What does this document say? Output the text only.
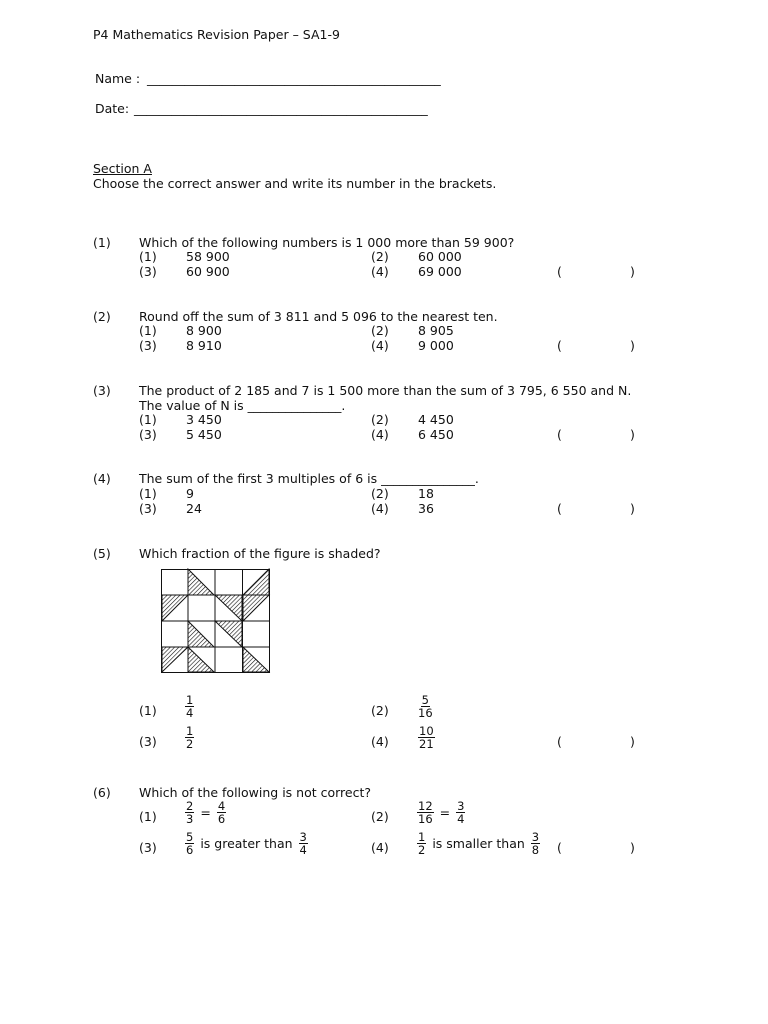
P4 Mathematics Revision Paper – SA1-9
Name : _______________________________________________
Date: _______________________________________________
Section A
Choose the correct answer and write its number in the brackets.
(1) Which of the following numbers is 1 000 more than 59 900?
(1) 58 900	(2) 60 000
(3) 60 900	(4) 69 000	(	)
(2) Round off the sum of 3 811 and 5 096 to the nearest ten.
(1) 8 900	(2) 8 905
(3) 8 910	(4) 9 000	(	)
(3) The product of 2 185 and 7 is 1 500 more than the sum of 3 795, 6 550 and N.
The value of N is _______________.
(1) 3 450	(2) 4 450
(3) 5 450	(4) 6 450	(	)
(4) The sum of the first 3 multiples of 6 is _______________.
(1) 9	(2) 18
(3) 24	(4) 36	(	)
(5) Which fraction of the figure is shaded?
$(1) \frac{1}{4}$	(2)	$\frac{5}{16}$
$(3) \frac{1}{2}$	(4)	$\frac{10}{21}$	(	)
(6) Which of the following is not correct?
$(1) \frac{2}{3} = \frac{4}{6}$	$(2) \frac{12}{16} = \frac{3}{4}$
$(3) \frac{5}{6}$ is greater than $\frac{3}{4}$	$(4) \frac{1}{2}$ is smaller than $\frac{3}{8}$ (	)
